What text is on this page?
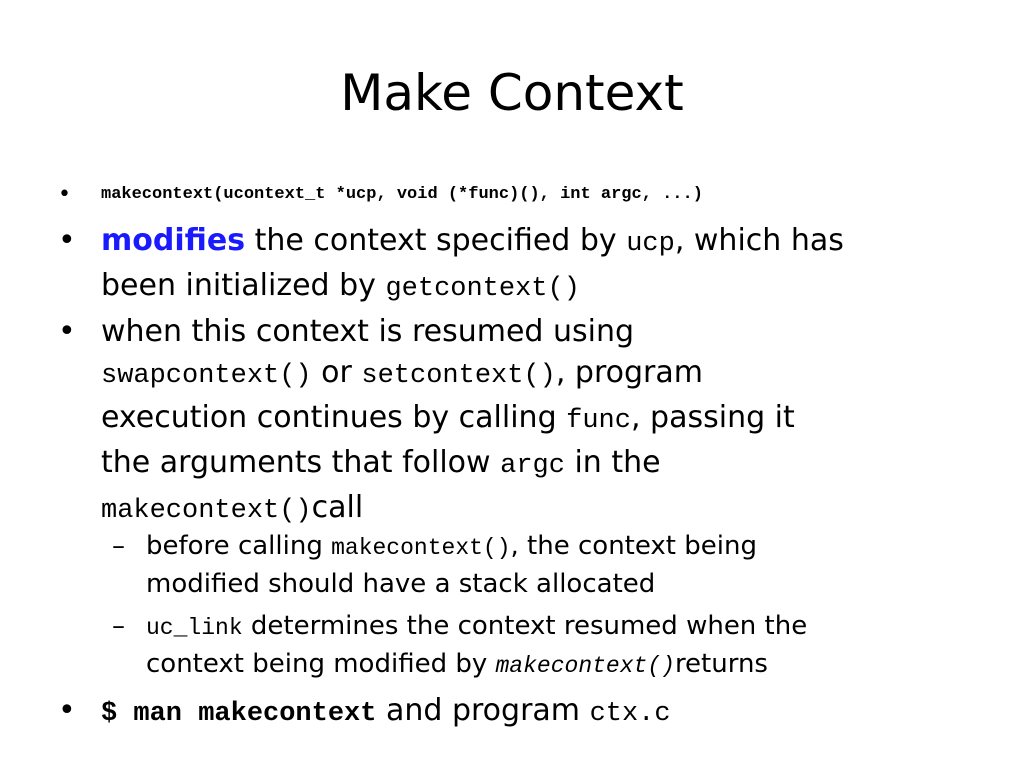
Make Context
• makecontext(ucontext_t *ucp, void (*func)(), int argc, ...)
• modifies the context specified by ucp, which has
been initialized by getcontext()
• when this context is resumed using
swapcontext() or setcontext(), program
execution continues by calling func, passing it
the arguments that follow argc in the
makecontext()call
– before calling makecontext(), the context being
modified should have a stack allocated
– uc_link determines the context resumed when the
context being modified by makecontext()returns
• $ man makecontext and program ctx.c
